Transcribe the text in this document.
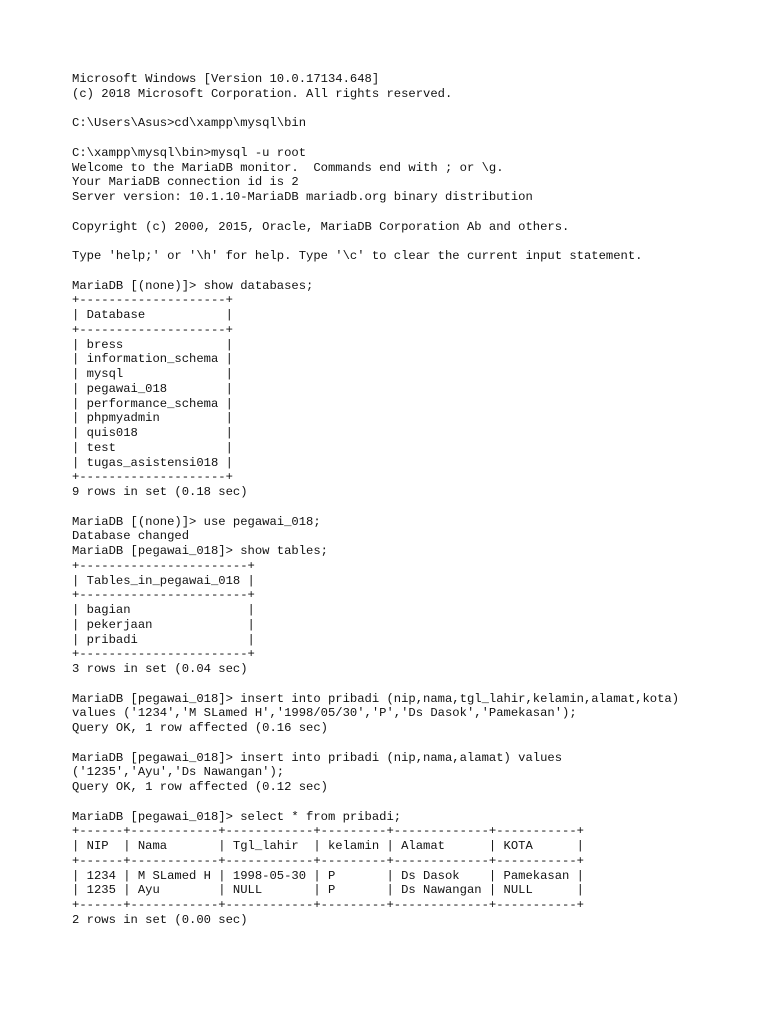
Microsoft Windows [Version 10.0.17134.648]
(c) 2018 Microsoft Corporation. All rights reserved.
C:\Users\Asus>cd\xampp\mysql\bin
C:\xampp\mysql\bin>mysql -u root
Welcome to the MariaDB monitor.  Commands end with ; or \g.
Your MariaDB connection id is 2
Server version: 10.1.10-MariaDB mariadb.org binary distribution
Copyright (c) 2000, 2015, Oracle, MariaDB Corporation Ab and others.
Type 'help;' or '\h' for help. Type '\c' to clear the current input statement.
MariaDB [(none)]> show databases;
+--------------------+
| Database           |
+--------------------+
| bress              |
| information_schema |
| mysql              |
| pegawai_018        |
| performance_schema |
| phpmyadmin         |
| quis018            |
| test               |
| tugas_asistensi018 |
+--------------------+
9 rows in set (0.18 sec)
MariaDB [(none)]> use pegawai_018;
Database changed
MariaDB [pegawai_018]> show tables;
+-----------------------+
| Tables_in_pegawai_018 |
+-----------------------+
| bagian                |
| pekerjaan             |
| pribadi               |
+-----------------------+
3 rows in set (0.04 sec)
MariaDB [pegawai_018]> insert into pribadi (nip,nama,tgl_lahir,kelamin,alamat,kota)
values ('1234','M SLamed H','1998/05/30','P','Ds Dasok','Pamekasan');
Query OK, 1 row affected (0.16 sec)
MariaDB [pegawai_018]> insert into pribadi (nip,nama,alamat) values
('1235','Ayu','Ds Nawangan');
Query OK, 1 row affected (0.12 sec)
MariaDB [pegawai_018]> select * from pribadi;
+------+------------+------------+---------+-------------+-----------+
| NIP  | Nama       | Tgl_lahir  | kelamin | Alamat      | KOTA      |
+------+------------+------------+---------+-------------+-----------+
| 1234 | M SLamed H | 1998-05-30 | P       | Ds Dasok    | Pamekasan |
| 1235 | Ayu        | NULL       | P       | Ds Nawangan | NULL      |
+------+------------+------------+---------+-------------+-----------+
2 rows in set (0.00 sec)
